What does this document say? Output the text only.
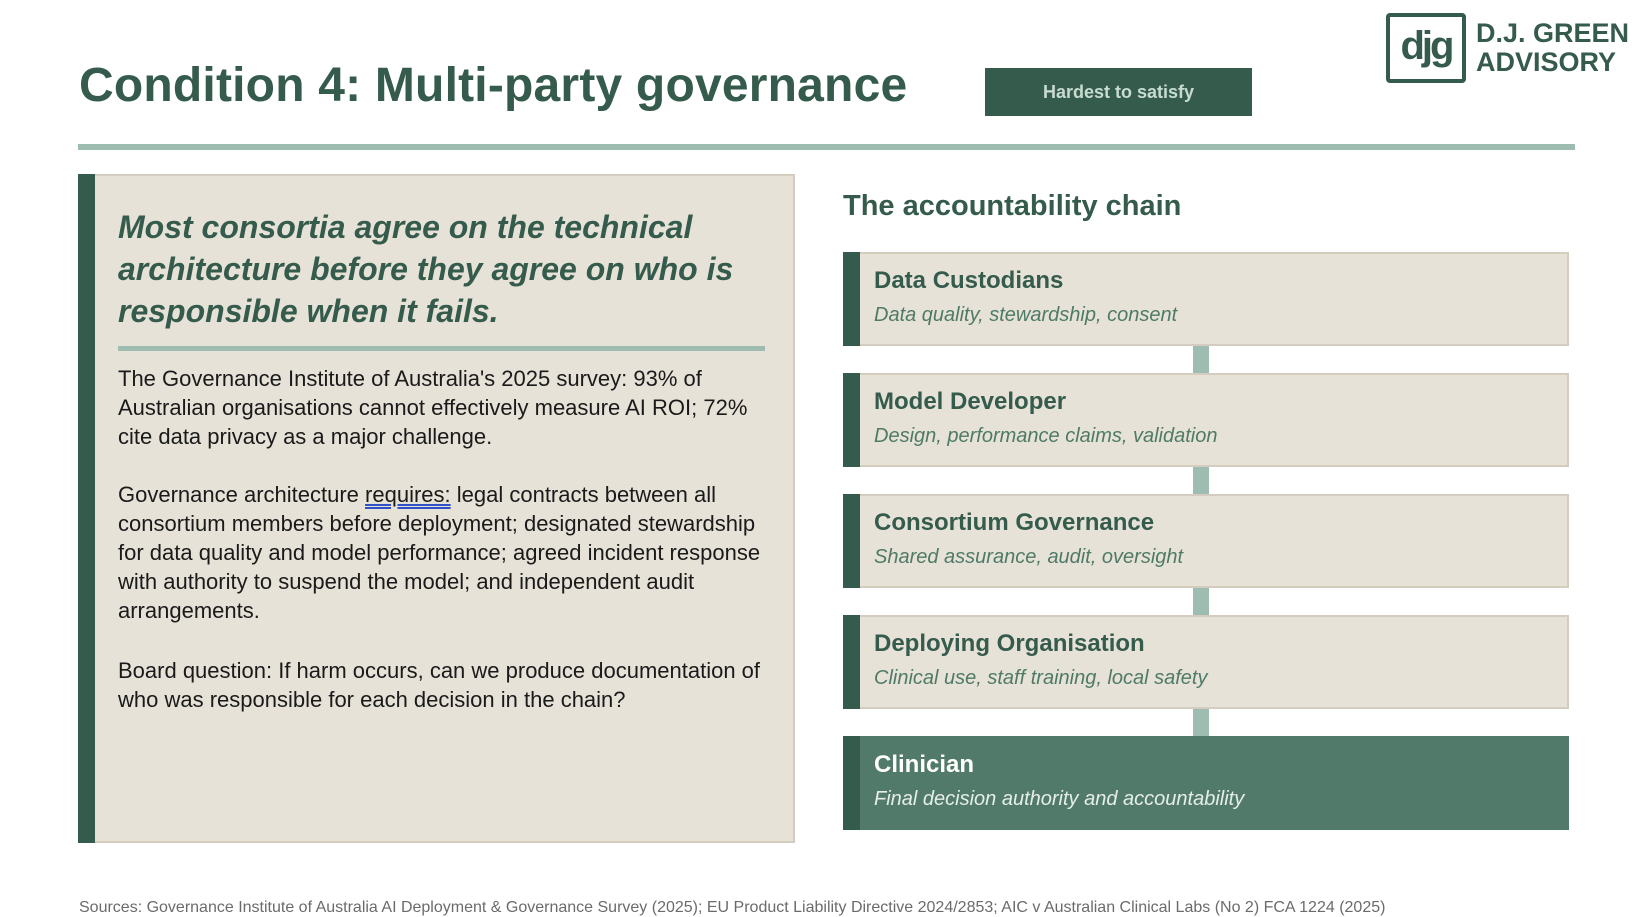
Condition 4: Multi-party governance	Hardest to satisfy
djg D.J. GREEN
ADVISORY

Most consortia agree on the technical architecture before they agree on who is responsible when it fails.

The Governance Institute of Australia's 2025 survey: 93% of Australian organisations cannot effectively measure AI ROI; 72% cite data privacy as a major challenge.

Governance architecture requires: legal contracts between all consortium members before deployment; designated stewardship for data quality and model performance; agreed incident response with authority to suspend the model; and independent audit arrangements.

Board question: If harm occurs, can we produce documentation of who was responsible for each decision in the chain?

The accountability chain
Data Custodians
Data quality, stewardship, consent
Model Developer
Design, performance claims, validation
Consortium Governance
Shared assurance, audit, oversight
Deploying Organisation
Clinical use, staff training, local safety
Clinician
Final decision authority and accountability
Sources: Governance Institute of Australia AI Deployment & Governance Survey (2025); EU Product Liability Directive 2024/2853; AIC v Australian Clinical Labs (No 2) FCA 1224 (2025)
